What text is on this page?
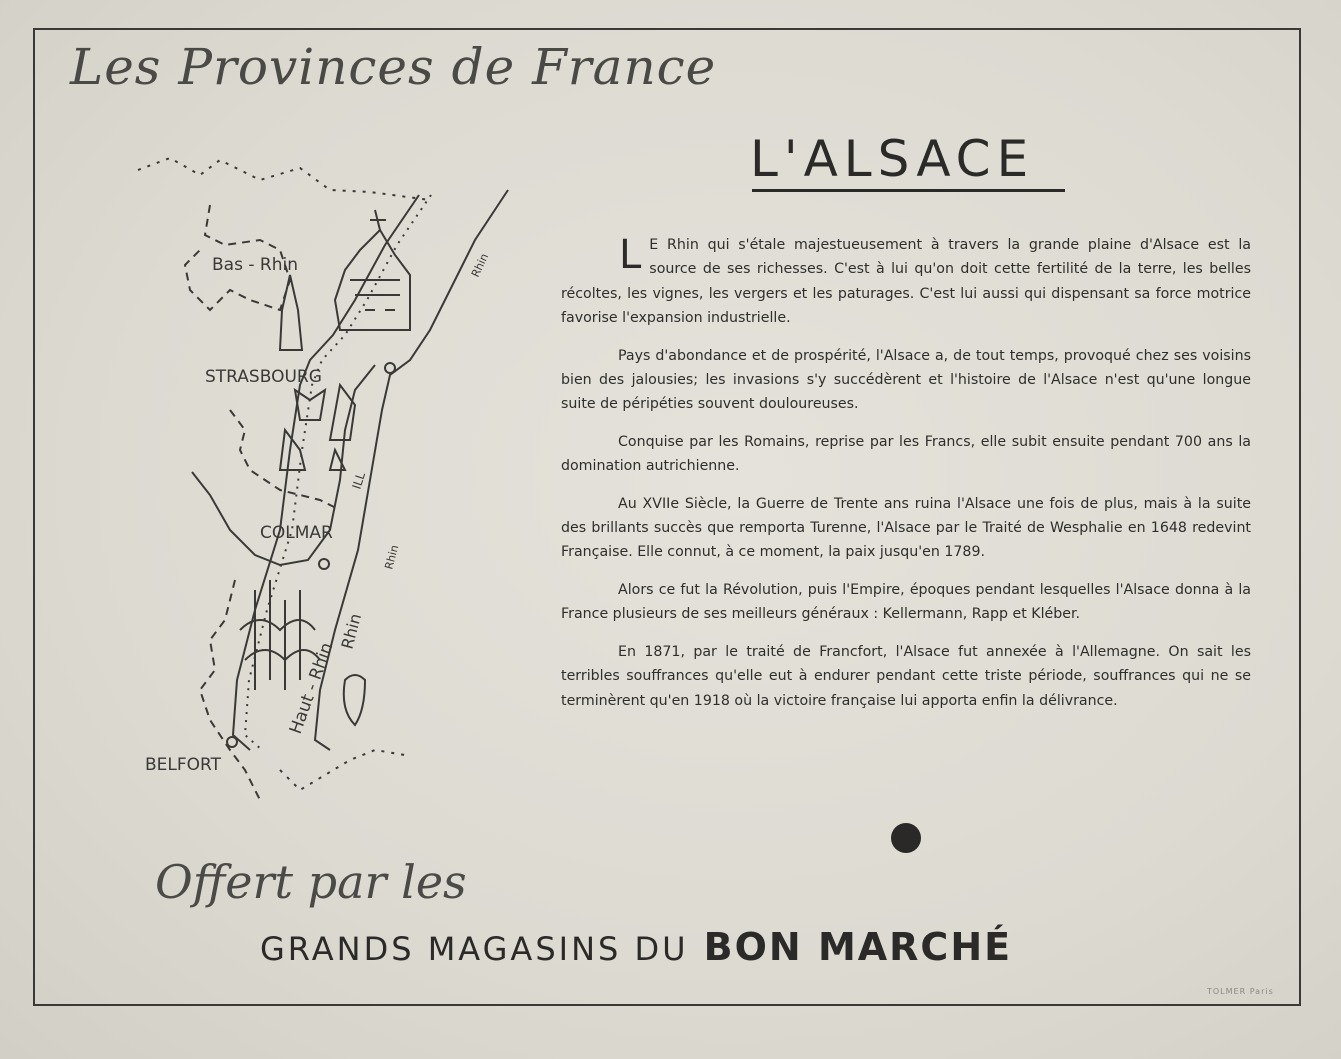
Les Provinces de France
L'ALSACE
Bas - Rhin
STRASBOURG
COLMAR
BELFORT
Haut - Rhin
ILL
Rhin
Rhin
Rhin

L E Rhin qui s'étale majestueusement à travers la grande plaine d'Alsace est la source de ses richesses. C'est à lui qu'on doit cette fertilité de la terre, les belles récoltes, les vignes, les vergers et les paturages. C'est lui aussi qui dispensant sa force motrice favorise l'expansion industrielle.

Pays d'abondance et de prospérité, l'Alsace a, de tout temps, provoqué chez ses voisins bien des jalousies; les invasions s'y succédèrent et l'histoire de l'Alsace n'est qu'une longue suite de péripéties souvent douloureuses.

Conquise par les Romains, reprise par les Francs, elle subit ensuite pendant 700 ans la domination autrichienne.

Au XVIIe Siècle, la Guerre de Trente ans ruina l'Alsace une fois de plus, mais à la suite des brillants succès que remporta Turenne, l'Alsace par le Traité de Wesphalie en 1648 redevint Française. Elle connut, à ce moment, la paix jusqu'en 1789.

Alors ce fut la Révolution, puis l'Empire, époques pendant lesquelles l'Alsace donna à la France plusieurs de ses meilleurs généraux : Kellermann, Rapp et Kléber.

En 1871, par le traité de Francfort, l'Alsace fut annexée à l'Allemagne. On sait les terribles souffrances qu'elle eut à endurer pendant cette triste période, souffrances qui ne se terminèrent qu'en 1918 où la victoire française lui apporta enfin la délivrance.

Offert par les
GRANDS MAGASINS DU BON MARCHÉ
TOLMER Paris
